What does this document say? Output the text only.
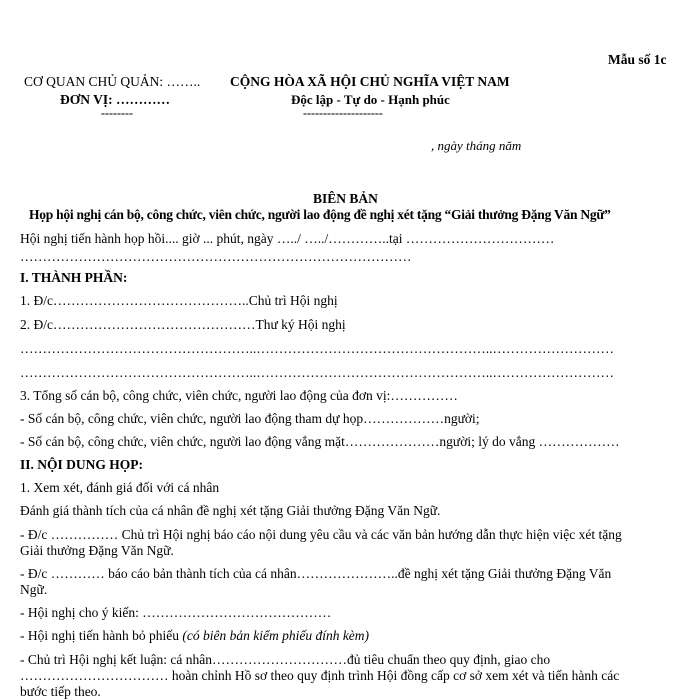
Mẫu số 1c
CƠ QUAN CHỦ QUẢN: ……..
ĐƠN VỊ: …………
--------
CỘNG HÒA XÃ HỘI CHỦ NGHĨA VIỆT NAM
Độc lập - Tự do - Hạnh phúc
--------------------
, ngày tháng năm
BIÊN BẢN
Họp hội nghị cán bộ, công chức, viên chức, người lao động đề nghị xét tặng “Giải thưởng Đặng Văn Ngữ”
Hội nghị tiến hành họp hồi.... giờ ... phút, ngày …../ …../…………..tại ……………………………
……………………………………………………………………………
I. THÀNH PHẦN:
1. Đ/c……………………………………..Chủ trì Hội nghị
2. Đ/c………………………………………Thư ký Hội nghị
……………………………………………..……………………………………………..………………………
……………………………………………..……………………………………………..………………………
3. Tổng số cán bộ, công chức, viên chức, người lao động của đơn vị:……………
- Số cán bộ, công chức, viên chức, người lao động tham dự họp………………người;
- Số cán bộ, công chức, viên chức, người lao động vắng mặt…………………người; lý do vắng ………………
II. NỘI DUNG HỌP:
1. Xem xét, đánh giá đối với cá nhân
Đánh giá thành tích của cá nhân đề nghị xét tặng Giải thưởng Đặng Văn Ngữ.
- Đ/c …………… Chủ trì Hội nghị báo cáo nội dung yêu cầu và các văn bản hướng dẫn thực hiện việc xét tặng
Giải thưởng Đặng Văn Ngữ.
- Đ/c ………… báo cáo bản thành tích của cá nhân…………………..đề nghị xét tặng Giải thưởng Đặng Văn
Ngữ.
- Hội nghị cho ý kiến: ……………………………………
- Hội nghị tiến hành bỏ phiếu (có biên bản kiểm phiếu đính kèm)
- Chủ trì Hội nghị kết luận: cá nhân…………………………đủ tiêu chuẩn theo quy định, giao cho
…………………………… hoàn chỉnh Hồ sơ theo quy định trình Hội đồng cấp cơ sở xem xét và tiến hành các
bước tiếp theo.
